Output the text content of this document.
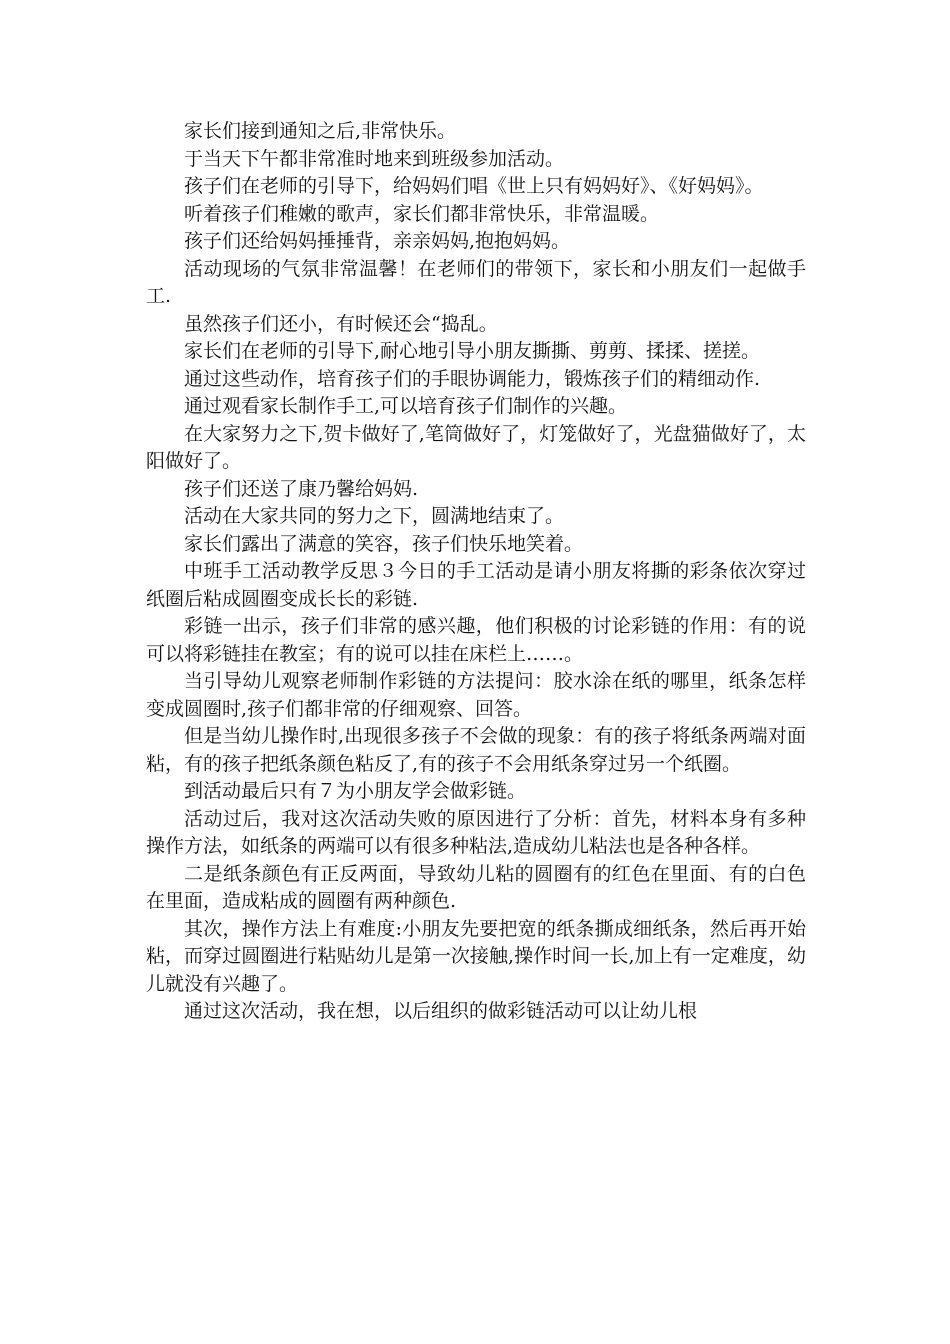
家长们接到通知之后,非常快乐。

于当天下午都非常准时地来到班级参加活动。

孩子们在老师的引导下，给妈妈们唱《世上只有妈妈好》、《好妈妈》。

听着孩子们稚嫩的歌声，家长们都非常快乐，非常温暖。

孩子们还给妈妈捶捶背，亲亲妈妈,抱抱妈妈。

活动现场的气氛非常温馨！在老师们的带领下，家长和小朋友们一起做手工.

虽然孩子们还小，有时候还会“捣乱。

家长们在老师的引导下,耐心地引导小朋友撕撕、剪剪、揉揉、搓搓。

通过这些动作，培育孩子们的手眼协调能力，锻炼孩子们的精细动作.

通过观看家长制作手工,可以培育孩子们制作的兴趣。

在大家努力之下,贺卡做好了,笔筒做好了，灯笼做好了，光盘猫做好了，太阳做好了。

孩子们还送了康乃馨给妈妈.

活动在大家共同的努力之下，圆满地结束了。

家长们露出了满意的笑容，孩子们快乐地笑着。

中班手工活动教学反思３今日的手工活动是请小朋友将撕的彩条依次穿过纸圈后粘成圆圈变成长长的彩链.

彩链一出示，孩子们非常的感兴趣，他们积极的讨论彩链的作用：有的说可以将彩链挂在教室；有的说可以挂在床栏上……。

当引导幼儿观察老师制作彩链的方法提问：胶水涂在纸的哪里，纸条怎样变成圆圈时,孩子们都非常的仔细观察、回答。

但是当幼儿操作时,出现很多孩子不会做的现象：有的孩子将纸条两端对面粘，有的孩子把纸条颜色粘反了,有的孩子不会用纸条穿过另一个纸圈。

到活动最后只有７为小朋友学会做彩链。

活动过后，我对这次活动失败的原因进行了分析：首先，材料本身有多种操作方法，如纸条的两端可以有很多种粘法,造成幼儿粘法也是各种各样。

二是纸条颜色有正反两面，导致幼儿粘的圆圈有的红色在里面、有的白色在里面，造成粘成的圆圈有两种颜色.

其次，操作方法上有难度:小朋友先要把宽的纸条撕成细纸条，然后再开始粘，而穿过圆圈进行粘贴幼儿是第一次接触,操作时间一长,加上有一定难度，幼儿就没有兴趣了。

通过这次活动，我在想，以后组织的做彩链活动可以让幼儿根
